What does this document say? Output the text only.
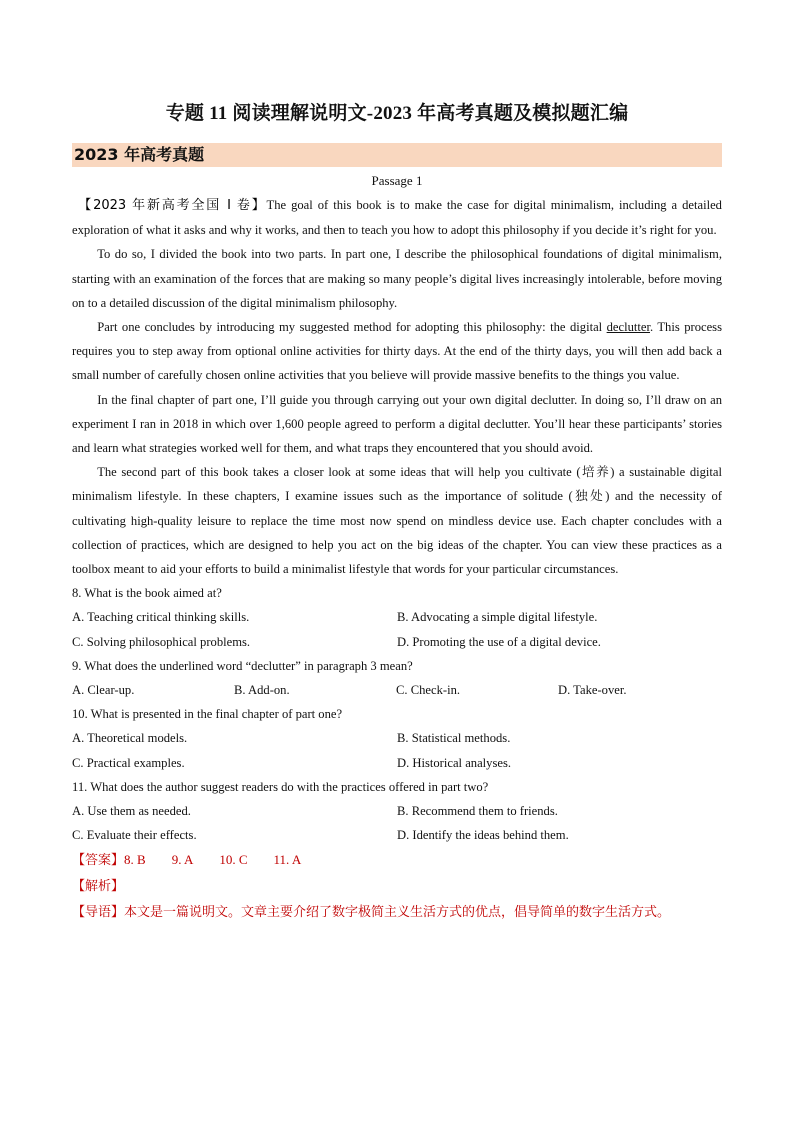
专题 11 阅读理解说明文-2023 年高考真题及模拟题汇编
2023 年高考真题
Passage 1

【2023 年新高考全国 I 卷】The goal of this book is to make the case for digital minimalism, including a detailed exploration of what it asks and why it works, and then to teach you how to adopt this philosophy if you decide it’s right for you.

To do so, I divided the book into two parts. In part one, I describe the philosophical foundations of digital minimalism, starting with an examination of the forces that are making so many people’s digital lives increasingly intolerable, before moving on to a detailed discussion of the digital minimalism philosophy.

Part one concludes by introducing my suggested method for adopting this philosophy: the digital declutter. This process requires you to step away from optional online activities for thirty days. At the end of the thirty days, you will then add back a small number of carefully chosen online activities that you believe will provide massive benefits to the things you value.

In the final chapter of part one, I’ll guide you through carrying out your own digital declutter. In doing so, I’ll draw on an experiment I ran in 2018 in which over 1,600 people agreed to perform a digital declutter. You’ll hear these participants’ stories and learn what strategies worked well for them, and what traps they encountered that you should avoid.

The second part of this book takes a closer look at some ideas that will help you cultivate (培养) a sustainable digital minimalism lifestyle. In these chapters, I examine issues such as the importance of solitude (独处) and the necessity of cultivating high-quality leisure to replace the time most now spend on mindless device use. Each chapter concludes with a collection of practices, which are designed to help you act on the big ideas of the chapter. You can view these practices as a toolbox meant to aid your efforts to build a minimalist lifestyle that words for your particular circumstances.

8. What is the book aimed at?
A. Teaching critical thinking skills.	B. Advocating a simple digital lifestyle.
C. Solving philosophical problems.	D. Promoting the use of a digital device.
9. What does the underlined word “declutter” in paragraph 3 mean?
A. Clear-up.	B. Add-on.	C. Check-in.	D. Take-over.
10. What is presented in the final chapter of part one?
A. Theoretical models.	B. Statistical methods.
C. Practical examples.	D. Historical analyses.
11. What does the author suggest readers do with the practices offered in part two?
A. Use them as needed.	B. Recommend them to friends.
C. Evaluate their effects.	D. Identify the ideas behind them.
【答案】8. B 9. A 10. C 11. A
【解析】
【导语】本文是一篇说明文。文章主要介绍了数字极简主义生活方式的优点，倡导简单的数字生活方式。
